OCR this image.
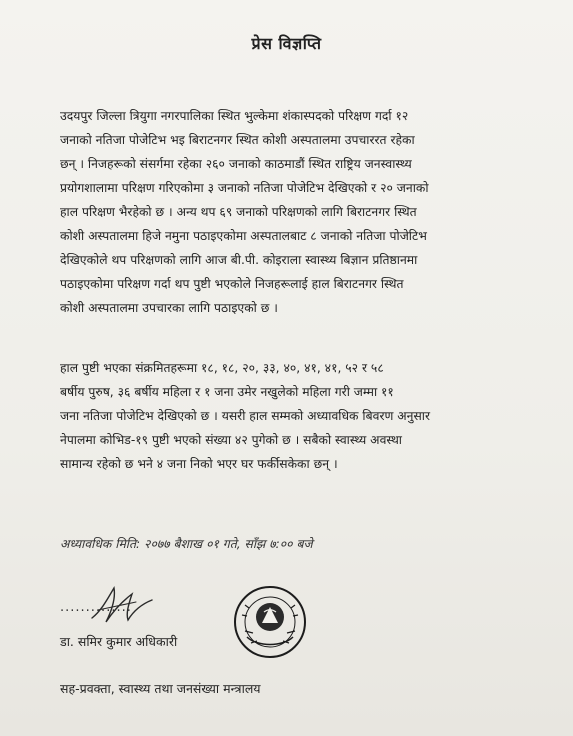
प्रेस विज्ञप्ति
उदयपुर जिल्ला त्रियुगा नगरपालिका स्थित भुल्केमा शंकास्पदको परिक्षण गर्दा १२
जनाको नतिजा पोजेटिभ भइ बिराटनगर स्थित कोशी अस्पतालमा उपचाररत रहेका
छन् । निजहरूको संसर्गमा रहेका २६० जनाको काठमाडौं स्थित राष्ट्रिय जनस्वास्थ्य
प्रयोगशालामा परिक्षण गरिएकोमा ३ जनाको नतिजा पोजेटिभ देखिएको र २० जनाको
हाल परिक्षण भैरहेको छ । अन्य थप ६९ जनाको परिक्षणको लागि बिराटनगर स्थित
कोशी अस्पतालमा हिजे नमुना पठाइएकोमा अस्पतालबाट ८ जनाको नतिजा पोजेटिभ
देखिएकोले थप परिक्षणको लागि आज बी.पी. कोइराला स्वास्थ्य बिज्ञान प्रतिष्ठानमा
पठाइएकोमा परिक्षण गर्दा थप पुष्टी भएकोले निजहरूलाई हाल बिराटनगर स्थित
कोशी अस्पतालमा उपचारका लागि पठाइएको छ ।
हाल पुष्टी भएका संक्रमितहरूमा १८, १८, २०, ३३, ४०, ४१, ४१, ५२ र ५८
बर्षीय पुरुष, ३६ बर्षीय महिला र १ जना उमेर नखुलेको महिला गरी जम्मा ११
जना नतिजा पोजेटिभ देखिएको छ । यसरी हाल सम्मको अध्यावधिक बिवरण अनुसार
नेपालमा कोभिड-१९ पुष्टी भएको संख्या ४२ पुगेको छ । सबैको स्वास्थ्य अवस्था
सामान्य रहेको छ भने ४ जना निको भएर घर फर्कीसकेका छन् ।
अध्यावधिक मिति: २०७७ बैशाख ०१ गते, साँझ ७:०० बजे
..............
डा. समिर कुमार अधिकारी
सह-प्रवक्ता, स्वास्थ्य तथा जनसंख्या मन्त्रालय
